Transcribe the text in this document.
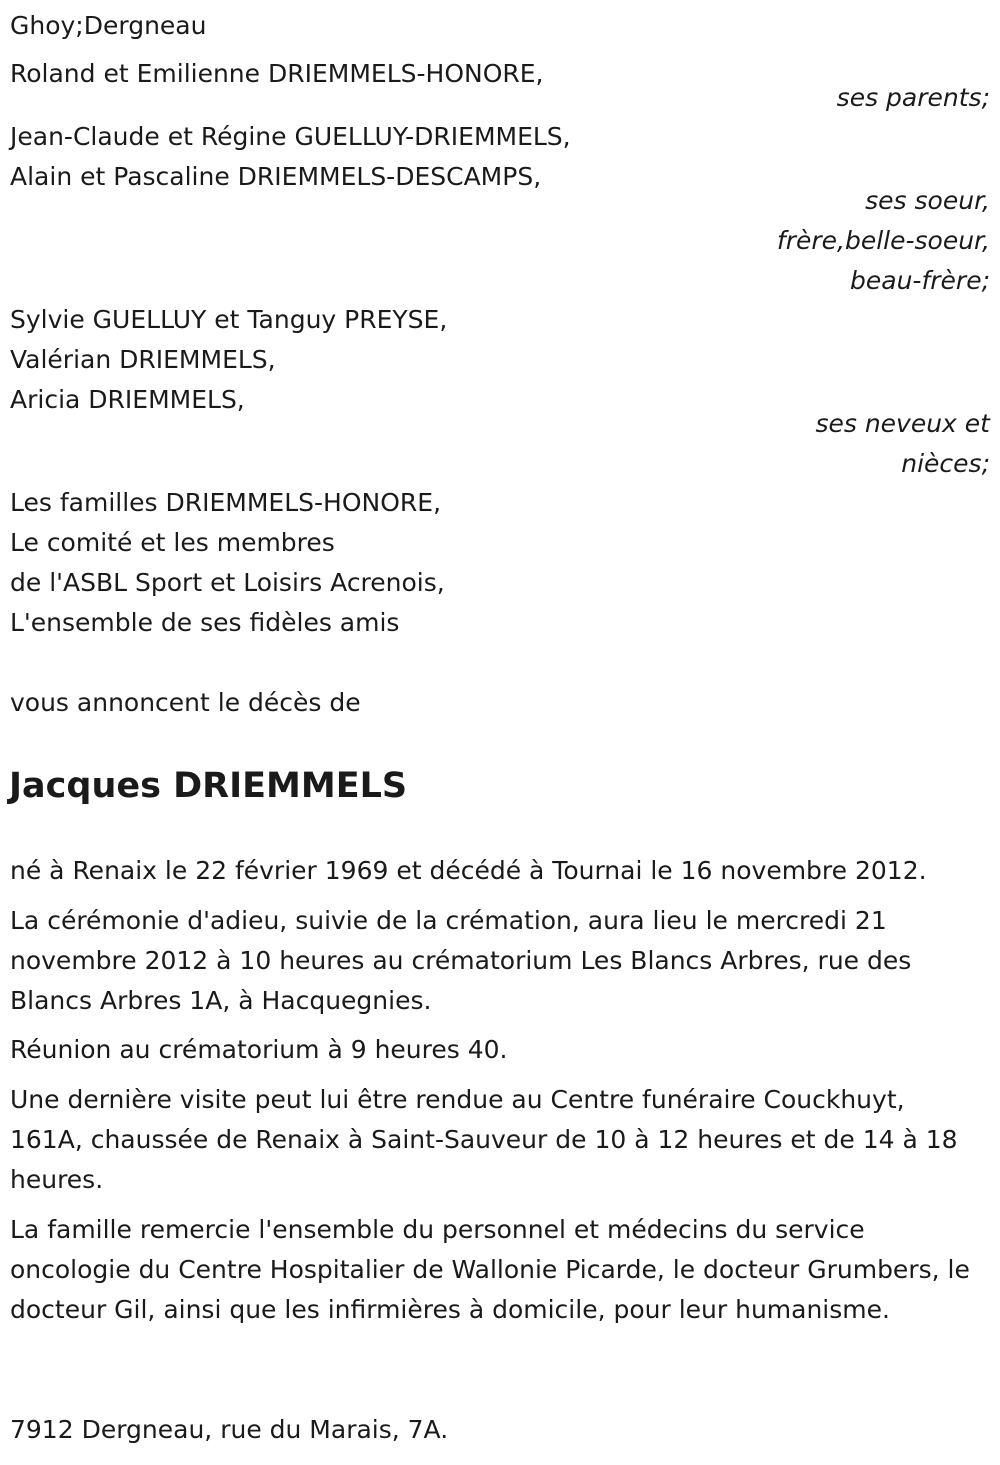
Ghoy;Dergneau
Roland et Emilienne DRIEMMELS-HONORE,
ses parents;
Jean-Claude et Régine GUELLUY-DRIEMMELS,
Alain et Pascaline DRIEMMELS-DESCAMPS,
ses soeur,
frère,belle-soeur,
beau-frère;
Sylvie GUELLUY et Tanguy PREYSE,
Valérian DRIEMMELS,
Aricia DRIEMMELS,
ses neveux et
nièces;
Les familles DRIEMMELS-HONORE,
Le comité et les membres
de l'ASBL Sport et Loisirs Acrenois,
L'ensemble de ses fidèles amis
vous annoncent le décès de
Jacques DRIEMMELS
né à Renaix le 22 février 1969 et décédé à Tournai le 16 novembre 2012.
La cérémonie d'adieu, suivie de la crémation, aura lieu le mercredi 21 novembre 2012 à 10 heures au crématorium Les Blancs Arbres, rue des Blancs Arbres 1A, à Hacquegnies.
Réunion au crématorium à 9 heures 40.
Une dernière visite peut lui être rendue au Centre funéraire Couckhuyt, 161A, chaussée de Renaix à Saint-Sauveur de 10 à 12 heures et de 14 à 18 heures.
La famille remercie l'ensemble du personnel et médecins du service oncologie du Centre Hospitalier de Wallonie Picarde, le docteur Grumbers, le docteur Gil, ainsi que les infirmières à domicile, pour leur humanisme.
7912 Dergneau, rue du Marais, 7A.
